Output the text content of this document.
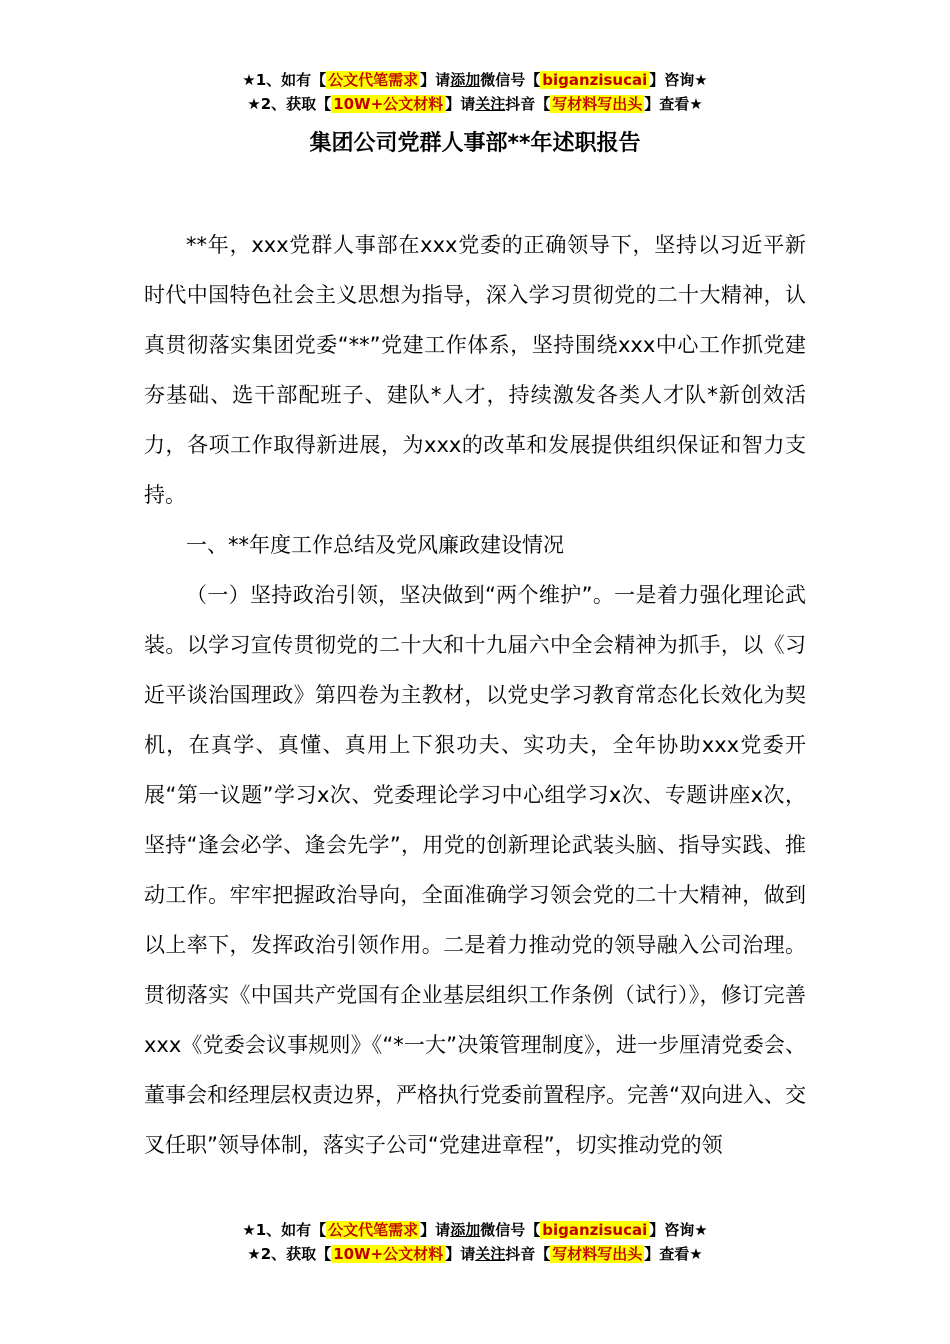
★1、如有【 公文代笔需求 】请添加微信号【 biganzisucai 】咨询★
★2、获取【 10W+公文材料 】请关注抖音【 写材料写出头 】查看★
集团公司党群人事部**年述职报告

**年，xxx党群人事部在xxx党委的正确领导下，坚持以习近平新时代中国特色社会主义思想为指导，深入学习贯彻党的二十大精神，认真贯彻落实集团党委“**”党建工作体系，坚持围绕xxx中心工作抓党建夯基础、选干部配班子、建队*人才，持续激发各类人才队*新创效活力，各项工作取得新进展，为xxx的改革和发展提供组织保证和智力支持。

一、**年度工作总结及党风廉政建设情况

（一）坚持政治引领，坚决做到“两个维护”。一是着力强化理论武装。以学习宣传贯彻党的二十大和十九届六中全会精神为抓手，以《习近平谈治国理政》第四卷为主教材，以党史学习教育常态化长效化为契机，在真学、真懂、真用上下狠功夫、实功夫，全年协助xxx党委开展“第一议题”学习x次、党委理论学习中心组学习x次、专题讲座x次，坚持“逢会必学、逢会先学”，用党的创新理论武装头脑、指导实践、推动工作。牢牢把握政治导向，全面准确学习领会党的二十大精神，做到以上率下，发挥政治引领作用。二是着力推动党的领导融入公司治理。贯彻落实《中国共产党国有企业基层组织工作条例（试行）》，修订完善xxx《党委会议事规则》《“*一大”决策管理制度》，进一步厘清党委会、董事会和经理层权责边界，严格执行党委前置程序。完善“双向进入、交叉任职”领导体制，落实子公司“党建进章程”，切实推动党的领

★1、如有【 公文代笔需求 】请添加微信号【 biganzisucai 】咨询★
★2、获取【 10W+公文材料 】请关注抖音【 写材料写出头 】查看★
